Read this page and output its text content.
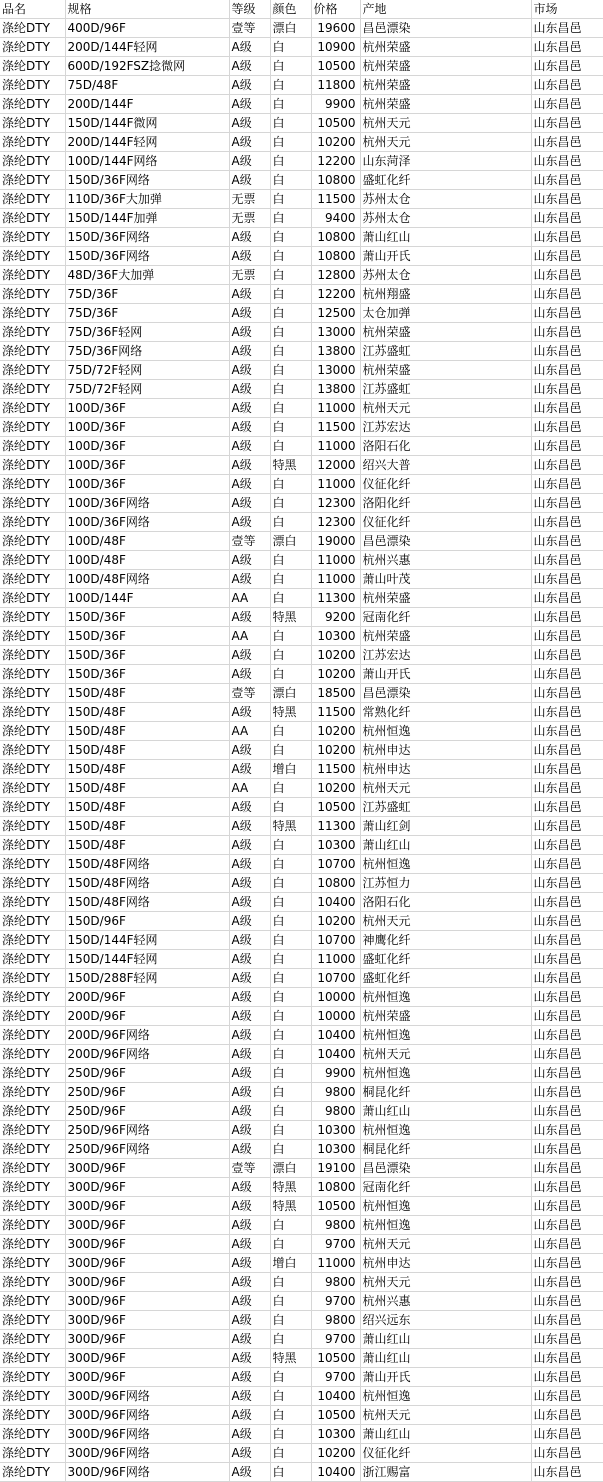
品名	规格	等级	颜色	价格	产地	市场
涤纶DTY	400D/96F	壹等	漂白	19600	昌邑漂染	山东昌邑
涤纶DTY	200D/144F轻网	A级	白	10900	杭州荣盛	山东昌邑
涤纶DTY	600D/192FSZ捻微网	A级	白	10500	杭州荣盛	山东昌邑
涤纶DTY	75D/48F	A级	白	11800	杭州荣盛	山东昌邑
涤纶DTY	200D/144F	A级	白	9900	杭州荣盛	山东昌邑
涤纶DTY	150D/144F微网	A级	白	10500	杭州天元	山东昌邑
涤纶DTY	200D/144F轻网	A级	白	10200	杭州天元	山东昌邑
涤纶DTY	100D/144F网络	A级	白	12200	山东菏泽	山东昌邑
涤纶DTY	150D/36F网络	A级	白	10800	盛虹化纤	山东昌邑
涤纶DTY	110D/36F大加弹	无票	白	11500	苏州太仓	山东昌邑
涤纶DTY	150D/144F加弹	无票	白	9400	苏州太仓	山东昌邑
涤纶DTY	150D/36F网络	A级	白	10800	萧山红山	山东昌邑
涤纶DTY	150D/36F网络	A级	白	10800	萧山开氏	山东昌邑
涤纶DTY	48D/36F大加弹	无票	白	12800	苏州太仓	山东昌邑
涤纶DTY	75D/36F	A级	白	12200	杭州翔盛	山东昌邑
涤纶DTY	75D/36F	A级	白	12500	太仓加弹	山东昌邑
涤纶DTY	75D/36F轻网	A级	白	13000	杭州荣盛	山东昌邑
涤纶DTY	75D/36F网络	A级	白	13800	江苏盛虹	山东昌邑
涤纶DTY	75D/72F轻网	A级	白	13000	杭州荣盛	山东昌邑
涤纶DTY	75D/72F轻网	A级	白	13800	江苏盛虹	山东昌邑
涤纶DTY	100D/36F	A级	白	11000	杭州天元	山东昌邑
涤纶DTY	100D/36F	A级	白	11500	江苏宏达	山东昌邑
涤纶DTY	100D/36F	A级	白	11000	洛阳石化	山东昌邑
涤纶DTY	100D/36F	A级	特黑	12000	绍兴大普	山东昌邑
涤纶DTY	100D/36F	A级	白	11000	仪征化纤	山东昌邑
涤纶DTY	100D/36F网络	A级	白	12300	洛阳化纤	山东昌邑
涤纶DTY	100D/36F网络	A级	白	12300	仪征化纤	山东昌邑
涤纶DTY	100D/48F	壹等	漂白	19000	昌邑漂染	山东昌邑
涤纶DTY	100D/48F	A级	白	11000	杭州兴惠	山东昌邑
涤纶DTY	100D/48F网络	A级	白	11000	萧山叶茂	山东昌邑
涤纶DTY	100D/144F	AA	白	11300	杭州荣盛	山东昌邑
涤纶DTY	150D/36F	A级	特黑	9200	冠南化纤	山东昌邑
涤纶DTY	150D/36F	AA	白	10300	杭州荣盛	山东昌邑
涤纶DTY	150D/36F	A级	白	10200	江苏宏达	山东昌邑
涤纶DTY	150D/36F	A级	白	10200	萧山开氏	山东昌邑
涤纶DTY	150D/48F	壹等	漂白	18500	昌邑漂染	山东昌邑
涤纶DTY	150D/48F	A级	特黑	11500	常熟化纤	山东昌邑
涤纶DTY	150D/48F	AA	白	10200	杭州恒逸	山东昌邑
涤纶DTY	150D/48F	A级	白	10200	杭州申达	山东昌邑
涤纶DTY	150D/48F	A级	增白	11500	杭州申达	山东昌邑
涤纶DTY	150D/48F	AA	白	10200	杭州天元	山东昌邑
涤纶DTY	150D/48F	A级	白	10500	江苏盛虹	山东昌邑
涤纶DTY	150D/48F	A级	特黑	11300	萧山红剑	山东昌邑
涤纶DTY	150D/48F	A级	白	10300	萧山红山	山东昌邑
涤纶DTY	150D/48F网络	A级	白	10700	杭州恒逸	山东昌邑
涤纶DTY	150D/48F网络	A级	白	10800	江苏恒力	山东昌邑
涤纶DTY	150D/48F网络	A级	白	10400	洛阳石化	山东昌邑
涤纶DTY	150D/96F	A级	白	10200	杭州天元	山东昌邑
涤纶DTY	150D/144F轻网	A级	白	10700	神鹰化纤	山东昌邑
涤纶DTY	150D/144F轻网	A级	白	11000	盛虹化纤	山东昌邑
涤纶DTY	150D/288F轻网	A级	白	10700	盛虹化纤	山东昌邑
涤纶DTY	200D/96F	A级	白	10000	杭州恒逸	山东昌邑
涤纶DTY	200D/96F	A级	白	10000	杭州荣盛	山东昌邑
涤纶DTY	200D/96F网络	A级	白	10400	杭州恒逸	山东昌邑
涤纶DTY	200D/96F网络	A级	白	10400	杭州天元	山东昌邑
涤纶DTY	250D/96F	A级	白	9900	杭州恒逸	山东昌邑
涤纶DTY	250D/96F	A级	白	9800	桐昆化纤	山东昌邑
涤纶DTY	250D/96F	A级	白	9800	萧山红山	山东昌邑
涤纶DTY	250D/96F网络	A级	白	10300	杭州恒逸	山东昌邑
涤纶DTY	250D/96F网络	A级	白	10300	桐昆化纤	山东昌邑
涤纶DTY	300D/96F	壹等	漂白	19100	昌邑漂染	山东昌邑
涤纶DTY	300D/96F	A级	特黑	10800	冠南化纤	山东昌邑
涤纶DTY	300D/96F	A级	特黑	10500	杭州恒逸	山东昌邑
涤纶DTY	300D/96F	A级	白	9800	杭州恒逸	山东昌邑
涤纶DTY	300D/96F	A级	白	9700	杭州天元	山东昌邑
涤纶DTY	300D/96F	A级	增白	11000	杭州申达	山东昌邑
涤纶DTY	300D/96F	A级	白	9800	杭州天元	山东昌邑
涤纶DTY	300D/96F	A级	白	9700	杭州兴惠	山东昌邑
涤纶DTY	300D/96F	A级	白	9800	绍兴远东	山东昌邑
涤纶DTY	300D/96F	A级	白	9700	萧山红山	山东昌邑
涤纶DTY	300D/96F	A级	特黑	10500	萧山红山	山东昌邑
涤纶DTY	300D/96F	A级	白	9700	萧山开氏	山东昌邑
涤纶DTY	300D/96F网络	A级	白	10400	杭州恒逸	山东昌邑
涤纶DTY	300D/96F网络	A级	白	10500	杭州天元	山东昌邑
涤纶DTY	300D/96F网络	A级	白	10300	萧山红山	山东昌邑
涤纶DTY	300D/96F网络	A级	白	10200	仪征化纤	山东昌邑
涤纶DTY	300D/96F网络	A级	白	10400	浙江赐富	山东昌邑
